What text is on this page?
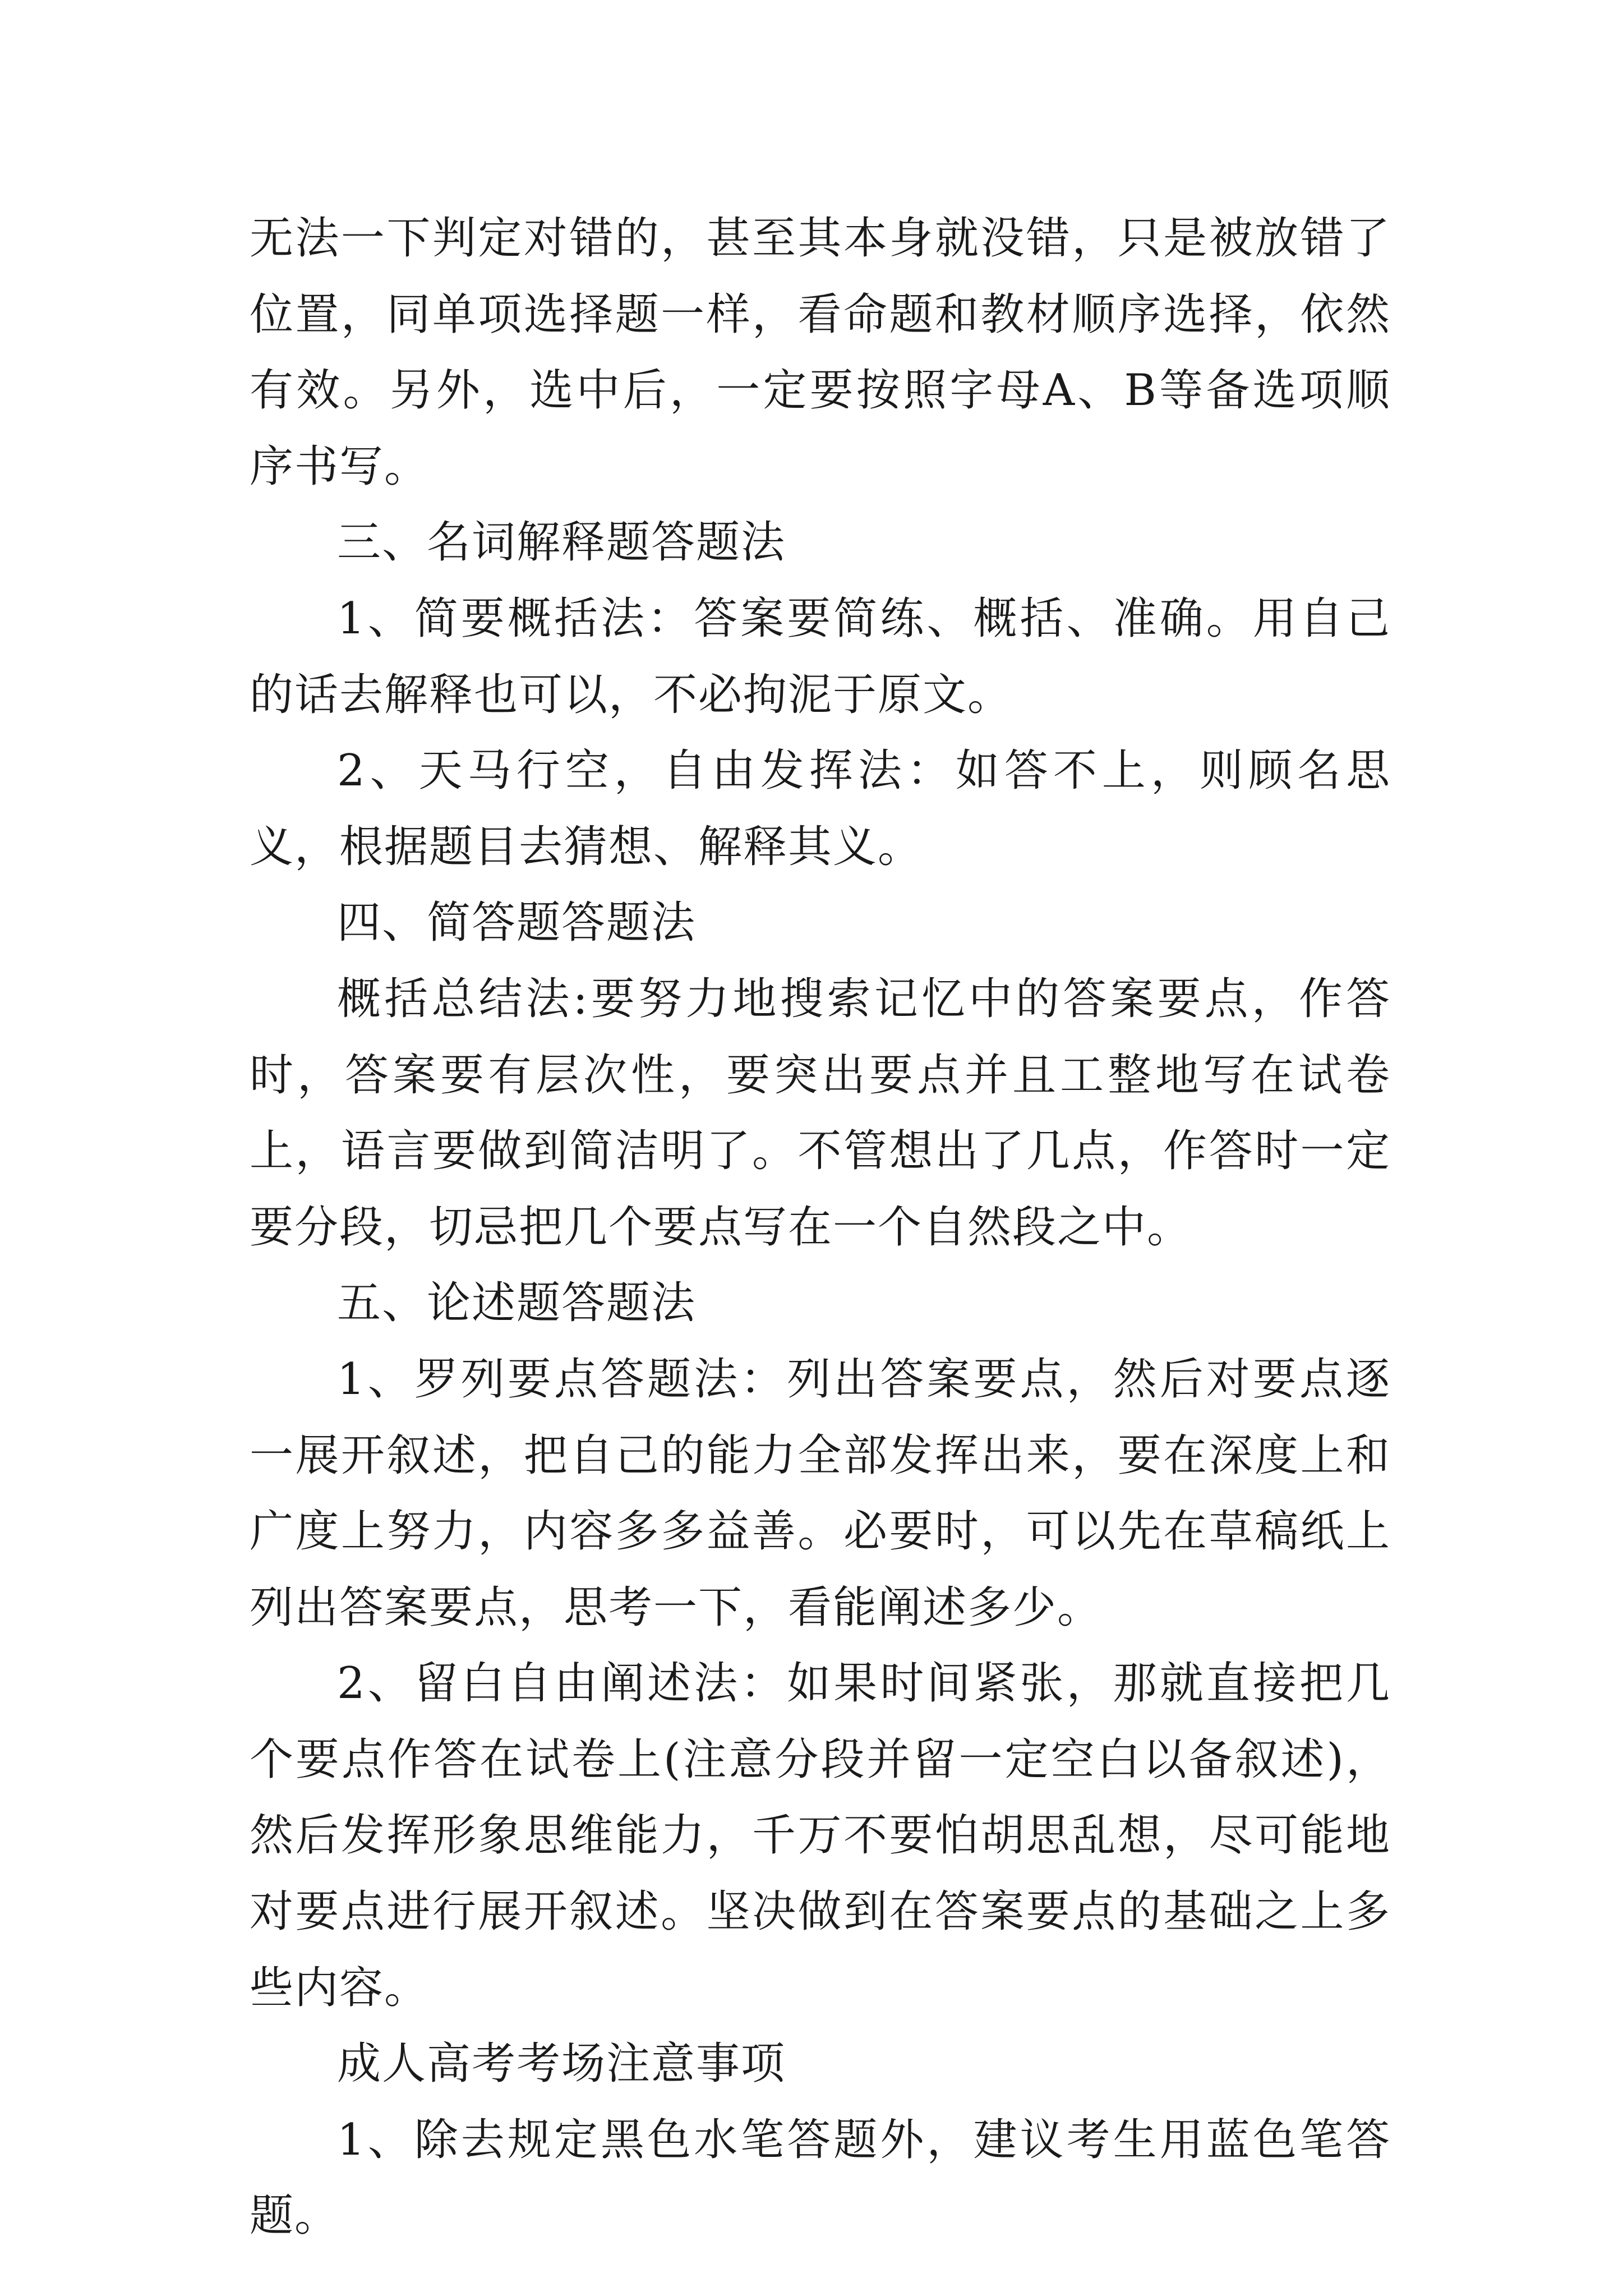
无法一下判定对错的，甚至其本身就没错，只是被放错了位置，同单项选择题一样，看命题和教材顺序选择，依然有效。另外，选中后，一定要按照字母A、B等备选项顺序书写。

三、名词解释题答题法

1、简要概括法：答案要简练、概括、准确。用自己的话去解释也可以，不必拘泥于原文。

2、天马行空，自由发挥法：如答不上，则顾名思义，根据题目去猜想、解释其义。

四、简答题答题法

概括总结法:要努力地搜索记忆中的答案要点，作答时，答案要有层次性，要突出要点并且工整地写在试卷上，语言要做到简洁明了。不管想出了几点，作答时一定要分段，切忌把几个要点写在一个自然段之中。

五、论述题答题法

1、罗列要点答题法：列出答案要点，然后对要点逐一展开叙述，把自己的能力全部发挥出来，要在深度上和广度上努力，内容多多益善。必要时，可以先在草稿纸上列出答案要点，思考一下，看能阐述多少。

2、留白自由阐述法：如果时间紧张，那就直接把几个要点作答在试卷上(注意分段并留一定空白以备叙述)，然后发挥形象思维能力，千万不要怕胡思乱想，尽可能地对要点进行展开叙述。坚决做到在答案要点的基础之上多些内容。

成人高考考场注意事项

1、除去规定黑色水笔答题外，建议考生用蓝色笔答题。
